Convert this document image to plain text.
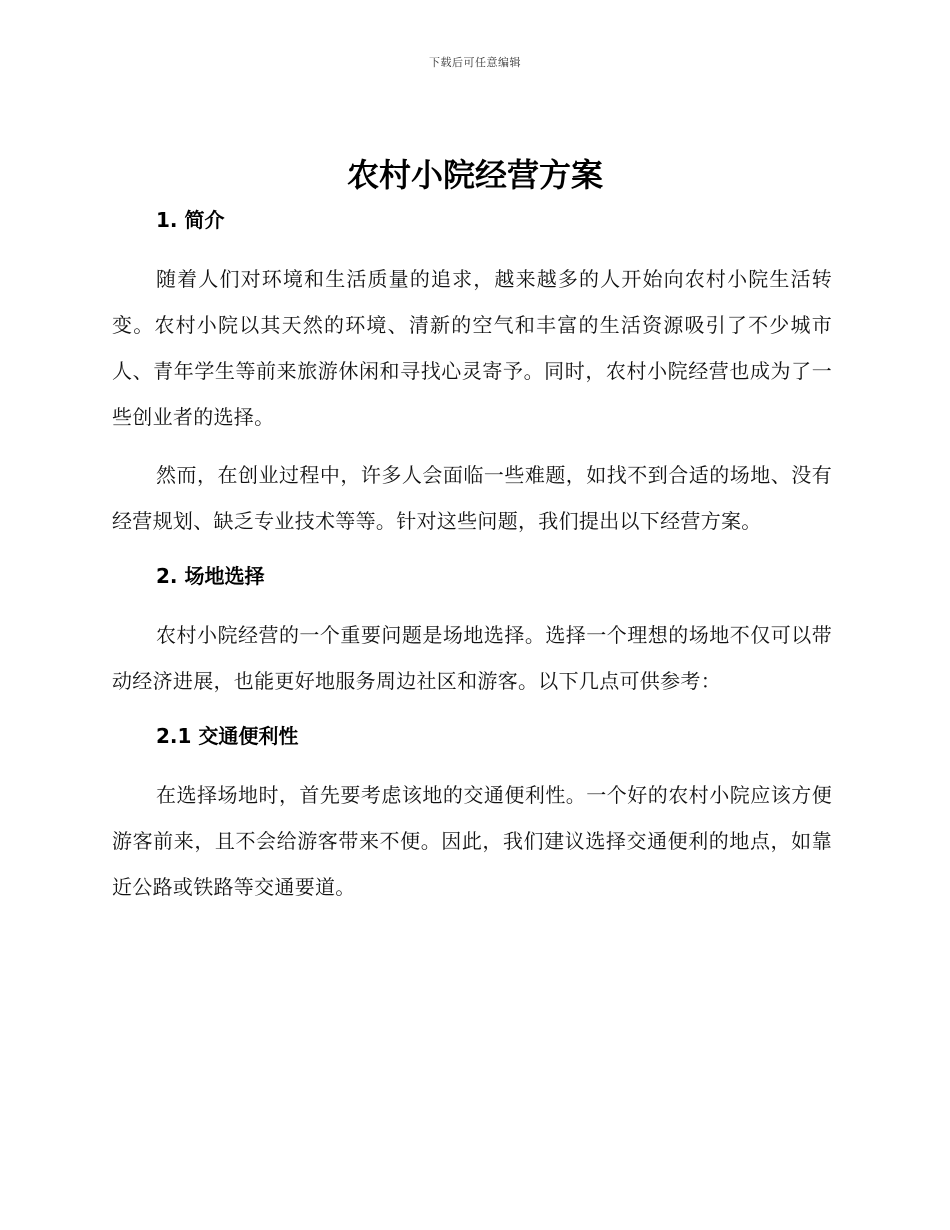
下载后可任意编辑
农村小院经营方案
1. 简介

随着人们对环境和生活质量的追求，越来越多的人开始向农村小院生活转变。农村小院以其天然的环境、清新的空气和丰富的生活资源吸引了不少城市人、青年学生等前来旅游休闲和寻找心灵寄予。同时，农村小院经营也成为了一些创业者的选择。

然而，在创业过程中，许多人会面临一些难题，如找不到合适的场地、没有经营规划、缺乏专业技术等等。针对这些问题，我们提出以下经营方案。

2. 场地选择

农村小院经营的一个重要问题是场地选择。选择一个理想的场地不仅可以带动经济进展，也能更好地服务周边社区和游客。以下几点可供参考：

2.1 交通便利性

在选择场地时，首先要考虑该地的交通便利性。一个好的农村小院应该方便游客前来，且不会给游客带来不便。因此，我们建议选择交通便利的地点，如靠近公路或铁路等交通要道。
